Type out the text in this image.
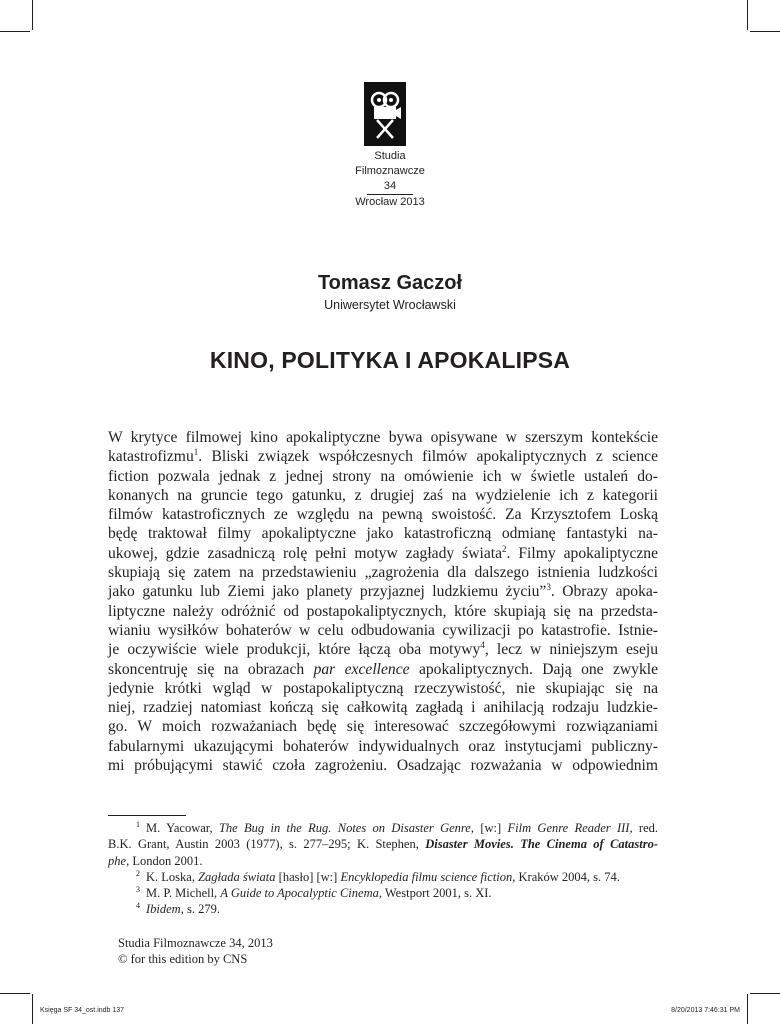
Studia
Filmoznawcze
34
Wrocław 2013
Tomasz Gaczoł
Uniwersytet Wrocławski
KINO, POLITYKA I APOKALIPSA
W krytyce filmowej kino apokaliptyczne bywa opisywane w szerszym kontekście
katastrofizmu$^1$. Bliski związek współczesnych filmów apokaliptycznych z science
fiction pozwala jednak z jednej strony na omówienie ich w świetle ustaleń do-
konanych na gruncie tego gatunku, z drugiej zaś na wydzielenie ich z kategorii
filmów katastroficznych ze względu na pewną swoistość. Za Krzysztofem Loską
będę traktował filmy apokaliptyczne jako katastroficzną odmianę fantastyki na-
ukowej, gdzie zasadniczą rolę pełni motyw zagłady świata$^2$. Filmy apokaliptyczne
skupiają się zatem na przedstawieniu „zagrożenia dla dalszego istnienia ludzkości
jako gatunku lub Ziemi jako planety przyjaznej ludzkiemu życiu”$^3$. Obrazy apoka-
liptyczne należy odróżnić od postapokaliptycznych, które skupiają się na przedsta-
wianiu wysiłków bohaterów w celu odbudowania cywilizacji po katastrofie. Istnie-
je oczywiście wiele produkcji, które łączą oba motywy$^4$, lecz w niniejszym eseju
skoncentruję się na obrazach par excellence apokaliptycznych. Dają one zwykle
jedynie krótki wgląd w postapokaliptyczną rzeczywistość, nie skupiając się na
niej, rzadziej natomiast kończą się całkowitą zagładą i anihilacją rodzaju ludzkie-
go. W moich rozważaniach będę się interesować szczegółowymi rozwiązaniami
fabularnymi ukazującymi bohaterów indywidualnych oraz instytucjami publiczny-
mi próbującymi stawić czoła zagrożeniu. Osadzając rozważania w odpowiednim
$^1$ M. Yacowar, The Bug in the Rug. Notes on Disaster Genre, [w:] Film Genre Reader III, red.
B.K. Grant, Austin 2003 (1977), s. 277–295; K. Stephen, Disaster Movies. The Cinema of Catastro-
phe, London 2001.
$^2$ K. Loska, Zagłada świata [hasło] [w:] Encyklopedia filmu science fiction, Kraków 2004, s. 74.
$^3$ M. P. Michell, A Guide to Apocalyptic Cinema, Westport 2001, s. XI.
$^4$ Ibidem, s. 279.
Studia Filmoznawcze 34, 2013
© for this edition by CNS
Księga SF 34_ost.indb 137	8/20/2013 7:46:31 PM
